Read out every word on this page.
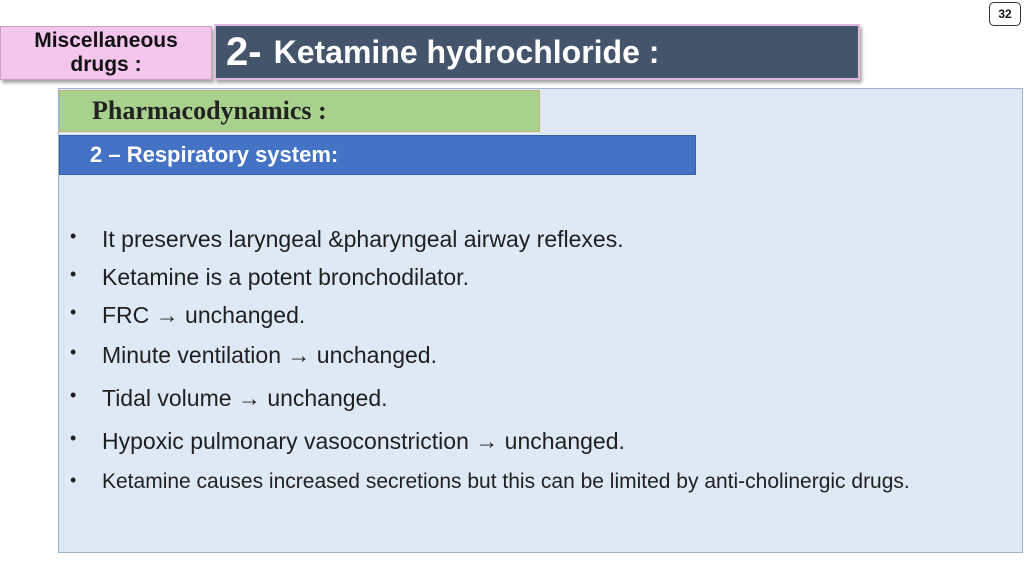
32
Miscellaneous
drugs :	2- Ketamine hydrochloride :
Pharmacodynamics :
2 – Respiratory system:
• It preserves laryngeal &pharyngeal airway reflexes.
• Ketamine is a potent bronchodilator.
• FRC → unchanged.
• Minute ventilation → unchanged.
• Tidal volume → unchanged.
• Hypoxic pulmonary vasoconstriction → unchanged.
• Ketamine causes increased secretions but this can be limited by anti-cholinergic drugs.
